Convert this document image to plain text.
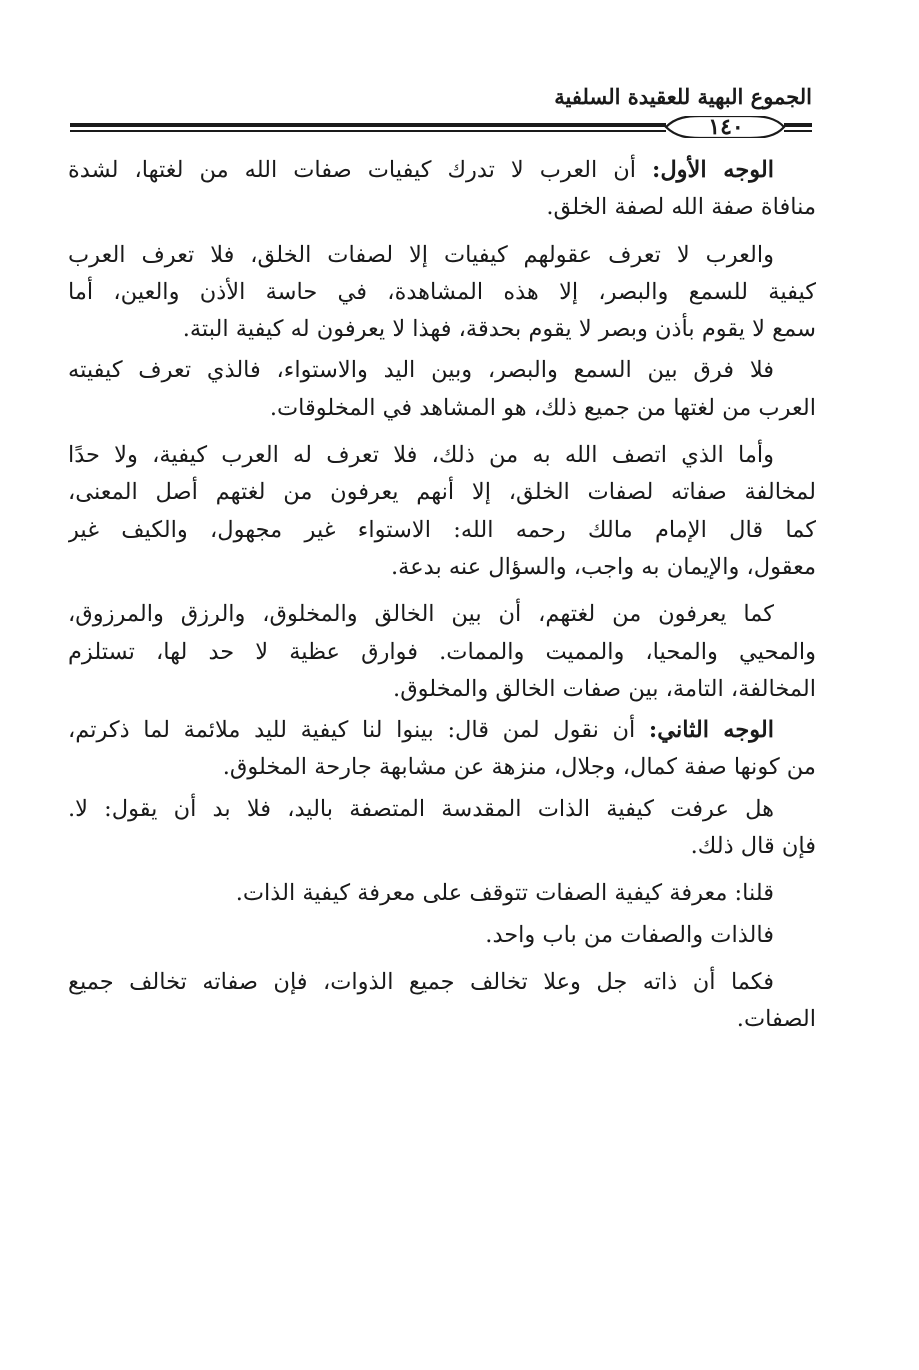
الجموع البهية للعقيدة السلفية
١٤٠
الوجه الأول: أن العرب لا تدرك كيفيات صفات الله من لغتها، لشدة
منافاة صفة الله لصفة الخلق.
والعرب لا تعرف عقولهم كيفيات إلا لصفات الخلق، فلا تعرف العرب
كيفية للسمع والبصر، إلا هذه المشاهدة، في حاسة الأذن والعين، أما
سمع لا يقوم بأذن وبصر لا يقوم بحدقة، فهذا لا يعرفون له كيفية البتة.
فلا فرق بين السمع والبصر، وبين اليد والاستواء، فالذي تعرف كيفيته
العرب من لغتها من جميع ذلك، هو المشاهد في المخلوقات.
وأما الذي اتصف الله به من ذلك، فلا تعرف له العرب كيفية، ولا حدًا
لمخالفة صفاته لصفات الخلق، إلا أنهم يعرفون من لغتهم أصل المعنى،
كما قال الإمام مالك رحمه الله: الاستواء غير مجهول، والكيف غير
معقول، والإيمان به واجب، والسؤال عنه بدعة.
كما يعرفون من لغتهم، أن بين الخالق والمخلوق، والرزق والمرزوق،
والمحيي والمحيا، والمميت والممات. فوارق عظية لا حد لها، تستلزم
المخالفة، التامة، بين صفات الخالق والمخلوق.
الوجه الثاني: أن نقول لمن قال: بينوا لنا كيفية لليد ملائمة لما ذكرتم،
من كونها صفة كمال، وجلال، منزهة عن مشابهة جارحة المخلوق.
هل عرفت كيفية الذات المقدسة المتصفة باليد، فلا بد أن يقول: لا.
فإن قال ذلك.
قلنا: معرفة كيفية الصفات تتوقف على معرفة كيفية الذات.
فالذات والصفات من باب واحد.
فكما أن ذاته جل وعلا تخالف جميع الذوات، فإن صفاته تخالف جميع
الصفات.
